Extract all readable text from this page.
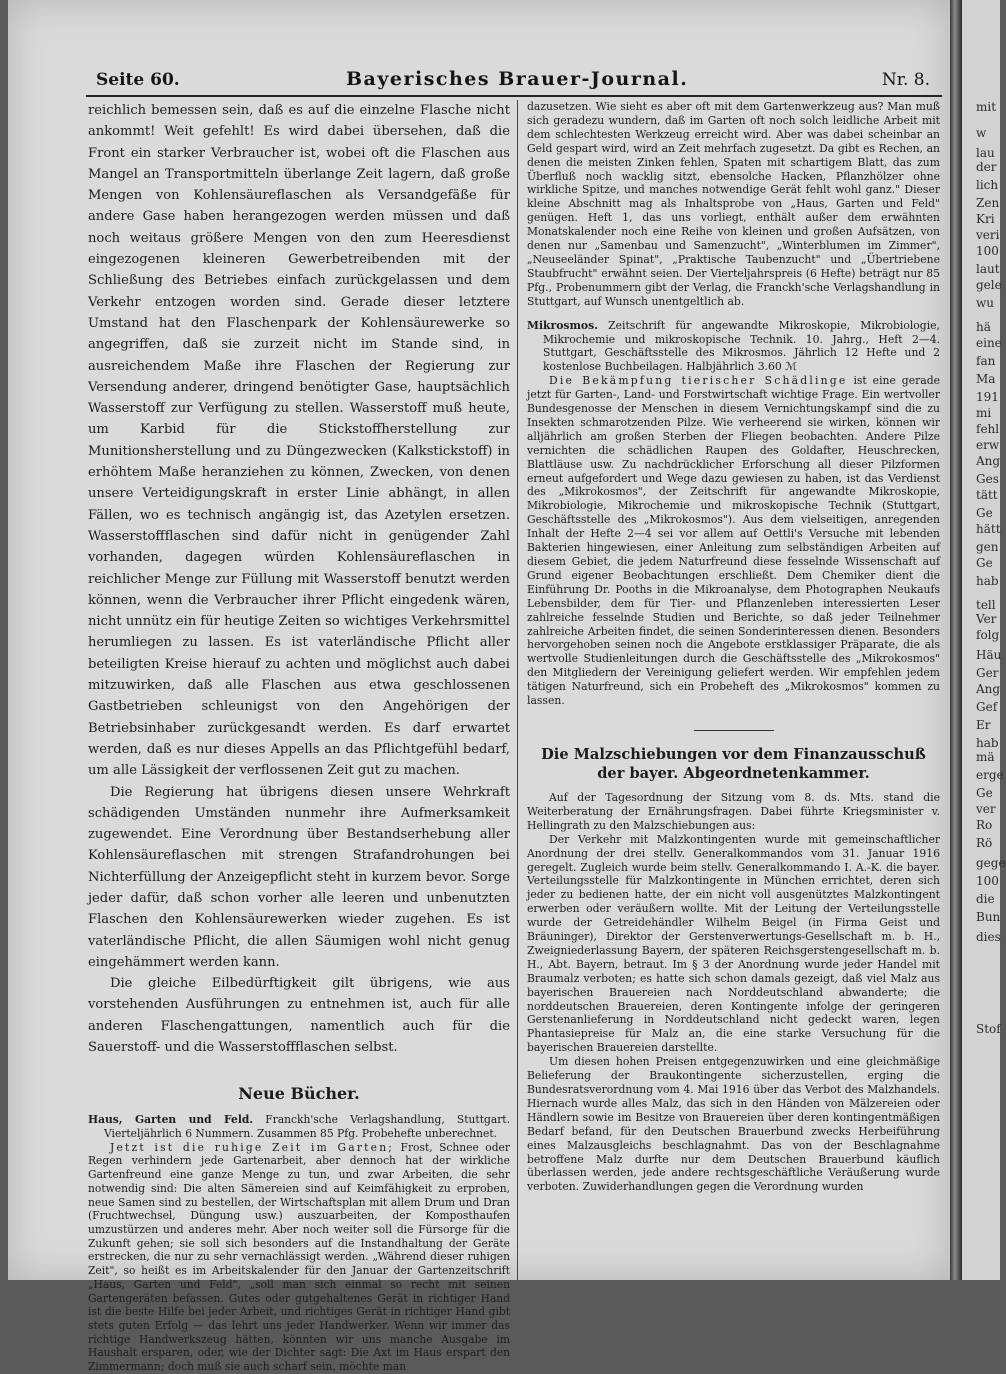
Seite 60.	Bayerisches Brauer-Journal.	Nr. 8.

reichlich bemessen sein, daß es auf die einzelne Flasche nicht ankommt! Weit gefehlt! Es wird dabei übersehen, daß die Front ein starker Verbraucher ist, wobei oft die Flaschen aus Mangel an Transportmitteln überlange Zeit lagern, daß große Mengen von Kohlensäureflaschen als Versandgefäße für andere Gase haben herangezogen werden müssen und daß noch weitaus größere Mengen von den zum Heeresdienst eingezogenen kleineren Gewerbetreibenden mit der Schließung des Betriebes einfach zurückgelassen und dem Verkehr entzogen worden sind. Gerade dieser letztere Umstand hat den Flaschenpark der Kohlensäurewerke so angegriffen, daß sie zurzeit nicht im Stande sind, in ausreichendem Maße ihre Flaschen der Regierung zur Versendung anderer, dringend benötigter Gase, hauptsächlich Wasserstoff zur Verfügung zu stellen. Wasserstoff muß heute, um Karbid für die Stickstoffherstellung zur Munitionsherstellung und zu Düngezwecken (Kalkstickstoff) in erhöhtem Maße heranziehen zu können, Zwecken, von denen unsere Verteidigungskraft in erster Linie abhängt, in allen Fällen, wo es technisch angängig ist, das Azetylen ersetzen. Wasserstoffflaschen sind dafür nicht in genügender Zahl vorhanden, dagegen würden Kohlensäureflaschen in reichlicher Menge zur Füllung mit Wasserstoff benutzt werden können, wenn die Verbraucher ihrer Pflicht eingedenk wären, nicht unnütz ein für heutige Zeiten so wichtiges Verkehrsmittel herumliegen zu lassen. Es ist vaterländische Pflicht aller beteiligten Kreise hierauf zu achten und möglichst auch dabei mitzuwirken, daß alle Flaschen aus etwa geschlossenen Gastbetrieben schleunigst von den Angehörigen der Betriebsinhaber zurückgesandt werden. Es darf erwartet werden, daß es nur dieses Appells an das Pflichtgefühl bedarf, um alle Lässigkeit der verflossenen Zeit gut zu machen.

Die Regierung hat übrigens diesen unsere Wehrkraft schädigenden Umständen nunmehr ihre Aufmerksamkeit zugewendet. Eine Verordnung über Bestandserhebung aller Kohlensäureflaschen mit strengen Strafandrohungen bei Nichterfüllung der Anzeigepflicht steht in kurzem bevor. Sorge jeder dafür, daß schon vorher alle leeren und unbenutzten Flaschen den Kohlensäurewerken wieder zugehen. Es ist vaterländische Pflicht, die allen Säumigen wohl nicht genug eingehämmert werden kann.

Die gleiche Eilbedürftigkeit gilt übrigens, wie aus vorstehenden Ausführungen zu entnehmen ist, auch für alle anderen Flaschengattungen, namentlich auch für die Sauerstoff- und die Wasserstoffflaschen selbst.

Neue Bücher.

Haus, Garten und Feld. Franckh'sche Verlagshandlung, Stuttgart. Vierteljährlich 6 Nummern. Zusammen 85 Pfg. Probehefte unberechnet.

Jetzt ist die ruhige Zeit im Garten; Frost, Schnee oder Regen verhindern jede Gartenarbeit, aber dennoch hat der wirkliche Gartenfreund eine ganze Menge zu tun, und zwar Arbeiten, die sehr notwendig sind: Die alten Sämereien sind auf Keimfähigkeit zu erproben, neue Samen sind zu bestellen, der Wirtschaftsplan mit allem Drum und Dran (Fruchtwechsel, Düngung usw.) auszuarbeiten, der Komposthaufen umzustürzen und anderes mehr. Aber noch weiter soll die Fürsorge für die Zukunft gehen; sie soll sich besonders auf die Instandhaltung der Geräte erstrecken, die nur zu sehr vernachlässigt werden. „Während dieser ruhigen Zeit", so heißt es im Arbeitskalender für den Januar der Gartenzeitschrift „Haus, Garten und Feld", „soll man sich einmal so recht mit seinen Gartengeräten befassen. Gutes oder gutgehaltenes Gerät in richtiger Hand ist die beste Hilfe bei jeder Arbeit, und richtiges Gerät in richtiger Hand gibt stets guten Erfolg — das lehrt uns jeder Handwerker. Wenn wir immer das richtige Handwerkszeug hätten, könnten wir uns manche Ausgabe im Haushalt ersparen, oder, wie der Dichter sagt: Die Axt im Haus erspart den Zimmermann; doch muß sie auch scharf sein, möchte man

dazusetzen. Wie sieht es aber oft mit dem Gartenwerkzeug aus? Man muß sich geradezu wundern, daß im Garten oft noch solch leidliche Arbeit mit dem schlechtesten Werkzeug erreicht wird. Aber was dabei scheinbar an Geld gespart wird, wird an Zeit mehrfach zugesetzt. Da gibt es Rechen, an denen die meisten Zinken fehlen, Spaten mit schartigem Blatt, das zum Überfluß noch wacklig sitzt, ebensolche Hacken, Pflanzhölzer ohne wirkliche Spitze, und manches notwendige Gerät fehlt wohl ganz." Dieser kleine Abschnitt mag als Inhaltsprobe von „Haus, Garten und Feld" genügen. Heft 1, das uns vorliegt, enthält außer dem erwähnten Monatskalender noch eine Reihe von kleinen und großen Aufsätzen, von denen nur „Samenbau und Samenzucht", „Winterblumen im Zimmer", „Neuseeländer Spinat", „Praktische Taubenzucht" und „Übertriebene Staubfrucht" erwähnt seien. Der Vierteljahrspreis (6 Hefte) beträgt nur 85 Pfg., Probenummern gibt der Verlag, die Franckh'sche Verlagshandlung in Stuttgart, auf Wunsch unentgeltlich ab.

Mikrosmos. Zeitschrift für angewandte Mikroskopie, Mikrobiologie, Mikrochemie und mikroskopische Technik. 10. Jahrg., Heft 2—4. Stuttgart, Geschäftsstelle des Mikrosmos. Jährlich 12 Hefte und 2 kostenlose Buchbeilagen. Halbjährlich 3.60 ℳ

Die Bekämpfung tierischer Schädlinge ist eine gerade jetzt für Garten-, Land- und Forstwirtschaft wichtige Frage. Ein wertvoller Bundesgenosse der Menschen in diesem Vernichtungskampf sind die zu Insekten schmarotzenden Pilze. Wie verheerend sie wirken, können wir alljährlich am großen Sterben der Fliegen beobachten. Andere Pilze vernichten die schädlichen Raupen des Goldafter, Heuschrecken, Blattläuse usw. Zu nachdrücklicher Erforschung all dieser Pilzformen erneut aufgefordert und Wege dazu gewiesen zu haben, ist das Verdienst des „Mikrokosmos", der Zeitschrift für angewandte Mikroskopie, Mikrobiologie, Mikrochemie und mikroskopische Technik (Stuttgart, Geschäftsstelle des „Mikrokosmos"). Aus dem vielseitigen, anregenden Inhalt der Hefte 2—4 sei vor allem auf Oettli's Versuche mit lebenden Bakterien hingewiesen, einer Anleitung zum selbständigen Arbeiten auf diesem Gebiet, die jedem Naturfreund diese fesselnde Wissenschaft auf Grund eigener Beobachtungen erschließt. Dem Chemiker dient die Einführung Dr. Pooths in die Mikroanalyse, dem Photographen Neukaufs Lebensbilder, dem für Tier- und Pflanzenleben interessierten Leser zahlreiche fesselnde Studien und Berichte, so daß jeder Teilnehmer zahlreiche Arbeiten findet, die seinen Sonderinteressen dienen. Besonders hervorgehoben seinen noch die Angebote erstklassiger Präparate, die als wertvolle Studienleitungen durch die Geschäftsstelle des „Mikrokosmos" den Mitgliedern der Vereinigung geliefert werden. Wir empfehlen jedem tätigen Naturfreund, sich ein Probeheft des „Mikrokosmos" kommen zu lassen.

Die Malzschiebungen vor dem Finanzausschuß der bayer. Abgeordnetenkammer.

Auf der Tagesordnung der Sitzung vom 8. ds. Mts. stand die Weiterberatung der Ernährungsfragen. Dabei führte Kriegsminister v. Hellingrath zu den Malzschiebungen aus:

Der Verkehr mit Malzkontingenten wurde mit gemeinschaftlicher Anordnung der drei stellv. Generalkommandos vom 31. Januar 1916 geregelt. Zugleich wurde beim stellv. Generalkommando I. A.-K. die bayer. Verteilungsstelle für Malzkontingente in München errichtet, deren sich jeder zu bedienen hatte, der ein nicht voll ausgenütztes Malzkontingent erwerben oder veräußern wollte. Mit der Leitung der Verteilungsstelle wurde der Getreidehändler Wilhelm Beigel (in Firma Geist und Bräuninger), Direktor der Gerstenverwertungs-Gesellschaft m. b. H., Zweigniederlassung Bayern, der späteren Reichsgerstengesellschaft m. b. H., Abt. Bayern, betraut. Im § 3 der Anordnung wurde jeder Handel mit Braumalz verboten; es hatte sich schon damals gezeigt, daß viel Malz aus bayerischen Brauereien nach Norddeutschland abwanderte; die norddeutschen Brauereien, deren Kontingente infolge der geringeren Gerstenanlieferung in Norddeutschland nicht gedeckt waren, legen Phantasiepreise für Malz an, die eine starke Versuchung für die bayerischen Brauereien darstellte.

Um diesen hohen Preisen entgegenzuwirken und eine gleichmäßige Belieferung der Braukontingente sicherzustellen, erging die Bundesratsverordnung vom 4. Mai 1916 über das Verbot des Malzhandels. Hiernach wurde alles Malz, das sich in den Händen von Mälzereien oder Händlern sowie im Besitze von Brauereien über deren kontingentmäßigen Bedarf befand, für den Deutschen Brauerbund zwecks Herbeiführung eines Malzausgleichs beschlagnahmt. Das von der Beschlagnahme betroffene Malz durfte nur dem Deutschen Brauerbund käuflich überlassen werden, jede andere rechtsgeschäftliche Veräußerung wurde verboten. Zuwiderhandlungen gegen die Verordnung wurden

mit
w
lau
der
lich
Zen
Kri
veri
100
laut
gele
wu
hä
eine
fan
Ma
191
mi
fehl
erw
Ang
Ges
tätt
Ge
hätt
gen
Ge
hab
tell
Ver
folg
Häu
Ger
Ang
Gef
Er
hab
mä
erge
Ge
ver
Ro
Rö
gege
100
die
Bun
dies
Stof
